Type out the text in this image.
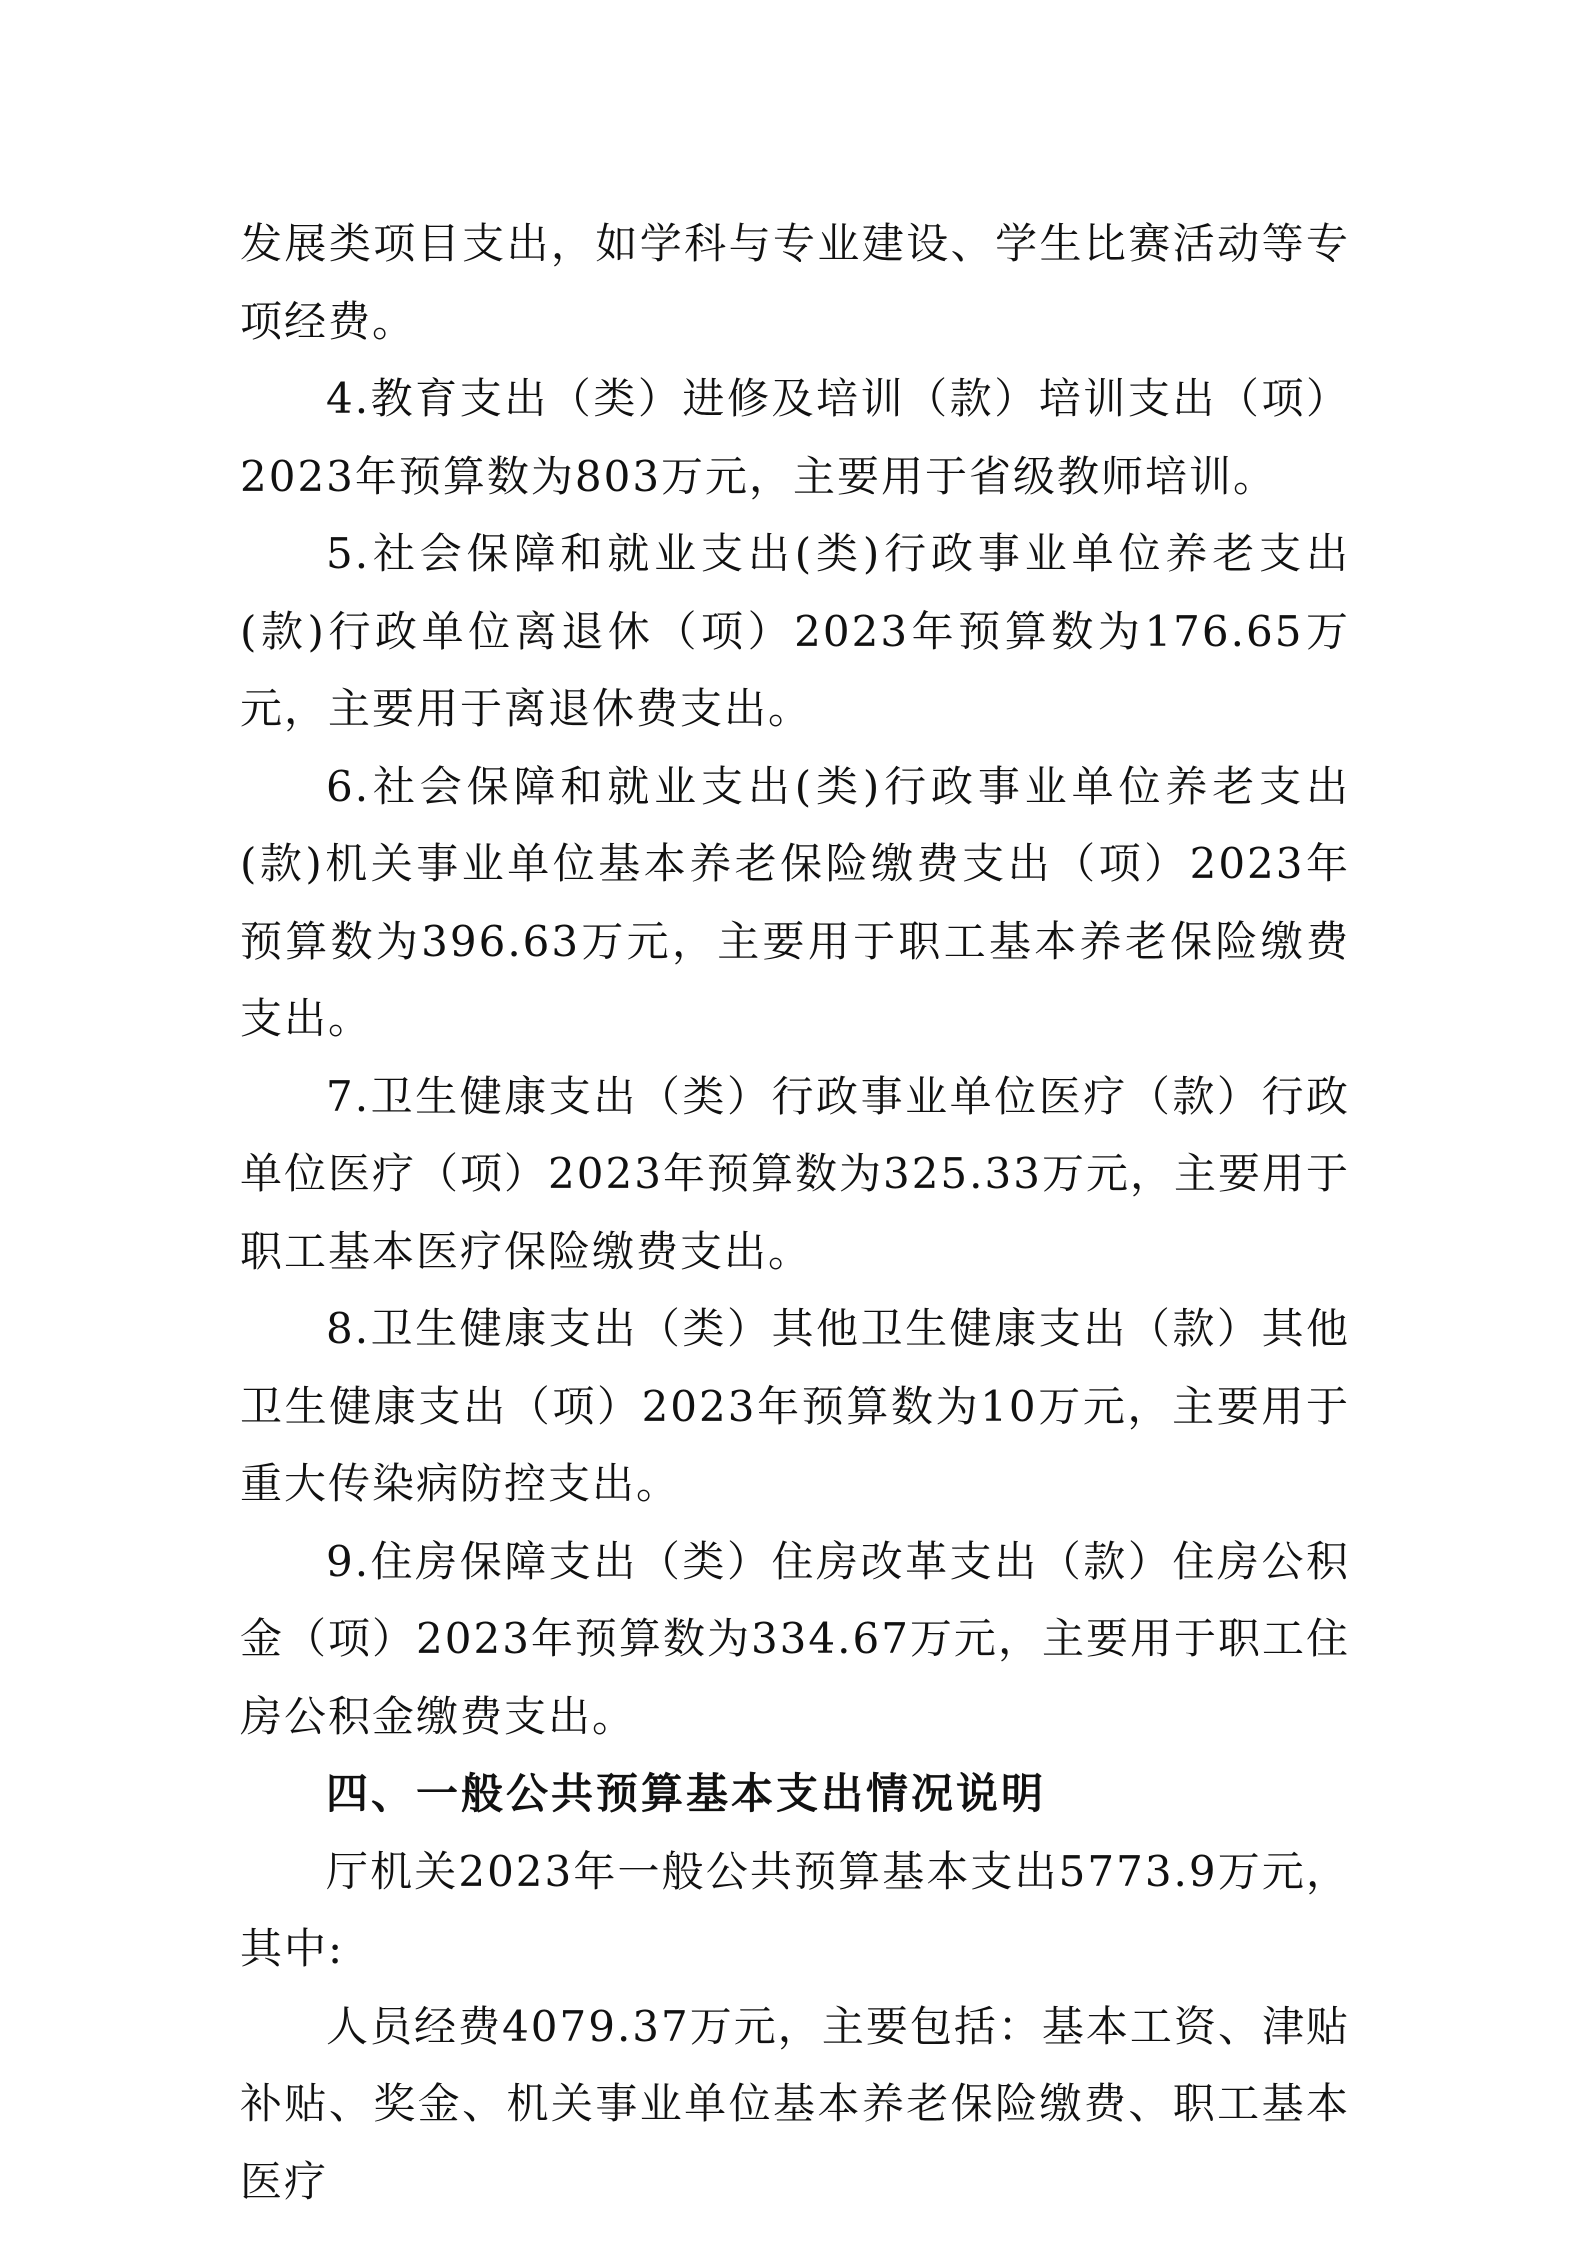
发展类项目支出，如学科与专业建设、学生比赛活动等专项经费。

4.教育支出（类）进修及培训（款）培训支出（项）2023年预算数为803万元，主要用于省级教师培训。

5.社会保障和就业支出(类)行政事业单位养老支出(款)行政单位离退休（项）2023年预算数为176.65万元，主要用于离退休费支出。

6.社会保障和就业支出(类)行政事业单位养老支出(款)机关事业单位基本养老保险缴费支出（项）2023年预算数为396.63万元，主要用于职工基本养老保险缴费支出。

7.卫生健康支出（类）行政事业单位医疗（款）行政单位医疗（项）2023年预算数为325.33万元，主要用于职工基本医疗保险缴费支出。

8.卫生健康支出（类）其他卫生健康支出（款）其他卫生健康支出（项）2023年预算数为10万元，主要用于重大传染病防控支出。

9.住房保障支出（类）住房改革支出（款）住房公积金（项）2023年预算数为334.67万元，主要用于职工住房公积金缴费支出。

四、一般公共预算基本支出情况说明

厅机关2023年一般公共预算基本支出5773.9万元，其中:

人员经费4079.37万元，主要包括：基本工资、津贴补贴、奖金、机关事业单位基本养老保险缴费、职工基本医疗
